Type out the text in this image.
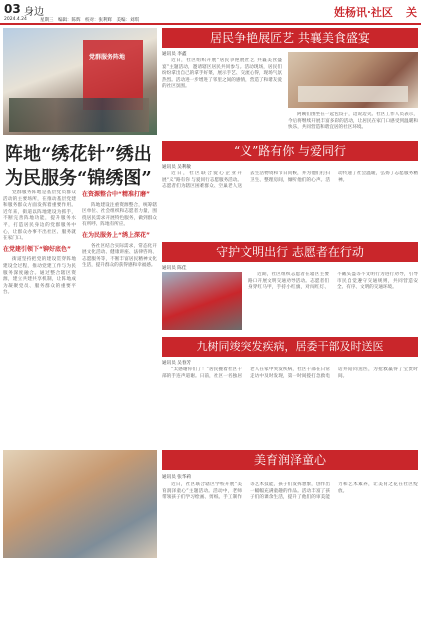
03 身边
2024.4.24	星期三　编辑：陈辉　校对：张利辉　美编：刘琪
姓杨讯·社区 关
党群服务阵地
阵地“绣花针”绣出
为民服务“锦绣图”

党群服务阵地是基层党员群众活动的主要场所，在推动基层党建和服务群众方面发挥着重要作用。近年来，街道以阵地建设为抓手，不断完善阵地功能，提升服务水平，打造居民身边的党群服务中心，让群众办事不出社区、服务就在家门口。

在党建引领下“铆好底色”

街道坚持把党的建设贯穿阵地建设全过程，推动党建工作与为民服务深度融合。通过整合辖区资源，建立共建共享机制，让阵地成为凝聚党员、服务群众的重要平台。

在资源整合中“精准打磨”

阵地建设注重资源整合，统筹辖区单位、社会组织和志愿者力量，围绕居民需求开展特色服务，做到群众有所呼、阵地有所应。

在为民服务上“绣上深花”

各社区结合实际需求，常态化开展文化活动、健康讲座、法律咨询、志愿服务等，不断丰富居民精神文化生活，提升群众的获得感和幸福感。

居民争艳展匠艺 共襄美食盛宴
通讯员 李鑫

近日，社区组织开展“居民争艳展匠艺 共襄美食盛宴”主题活动，邀请辖区居民共同参与。活动现场，居民们纷纷拿出自己的拿手好菜，展示手艺、交流心得，现场气氛热烈。活动进一步增进了邻里之间的感情，营造了和谐友爱的社区氛围。

阿姨们围坐在一起包饺子，边说边笑。社区工作人员表示，今后将继续开展丰富多彩的活动，让居民在家门口感受到温暖和快乐，共同营造和谐宜居的社区环境。

“义”路有你 与爱同行
通讯员 吴利敏

近日，社区联合爱心企业开展“义”路有你 与爱同行志愿服务活动。志愿者们为辖区困难群众、空巢老人送去生活物资和节日问候，并为他们打扫卫生、整理房间，倾听他们的心声。活动传递了社会温暖，弘扬了志愿服务精神。

守护文明出行 志愿者在行动
通讯员 陈佳

近期，社区组织志愿者在辖区主要路口开展文明交通劝导活动。志愿者们身穿红马甲，手持小红旗，对闯红灯、不戴头盔等不文明行为进行劝导，引导市民自觉遵守交通规则，共同营造安全、有序、文明的交通环境。

九树同竣突发疾病，居委干部及时送医
通讯员 吴春芳

“太感谢你们了！”居民握着社区干部的手连声道谢。日前，社区一名独居老人在家中突发疾病，社区干部在日常走访中及时发现，第一时间拨打急救电话并陪同送医，为抢救赢得了宝贵时间。

美育润泽童心
通讯员 张华莉

近日，社区联合辖区学校开展“美育润泽童心”主题活动。活动中，老师带领孩子们学习绘画、剪纸、手工制作等艺术技能，孩子们发挥想象，创作出一幅幅充满童趣的作品。活动丰富了孩子们的课余生活，提升了他们的审美能力和艺术素养，让美育之花在社区绽放。
